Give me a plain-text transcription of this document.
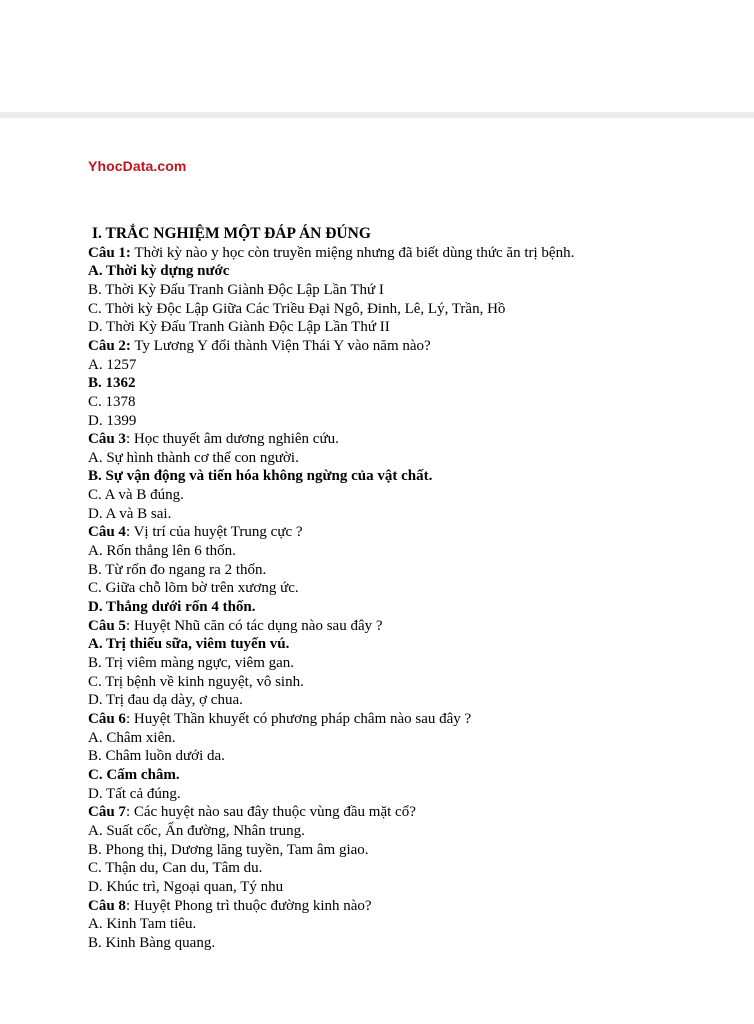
YhocData.com
I. TRẮC NGHIỆM MỘT ĐÁP ÁN ĐÚNG
Câu 1: Thời kỳ nào y học còn truyền miệng nhưng đã biết dùng thức ăn trị bệnh.
A. Thời kỳ dựng nước
B. Thời Kỳ Đấu Tranh Giành Độc Lập Lần Thứ I
C. Thời kỳ Độc Lập Giữa Các Triều Đại Ngô, Đinh, Lê, Lý, Trần, Hồ
D. Thời Kỳ Đấu Tranh Giành Độc Lập Lần Thứ II
Câu 2: Ty Lương Y đổi thành Viện Thái Y vào năm nào?
A. 1257
B. 1362
C. 1378
D. 1399
Câu 3: Học thuyết âm dương nghiên cứu.
A. Sự hình thành cơ thể con người.
B. Sự vận động và tiến hóa không ngừng của vật chất.
C. A và B đúng.
D. A và B sai.
Câu 4: Vị trí của huyệt Trung cực ?
A. Rốn thẳng lên 6 thốn.
B. Từ rốn đo ngang ra 2 thốn.
C. Giữa chỗ lõm bờ trên xương ức.
D. Thẳng dưới rốn 4 thốn.
Câu 5: Huyệt Nhũ căn có tác dụng nào sau đây ?
A. Trị thiếu sữa, viêm tuyến vú.
B. Trị viêm màng ngực, viêm gan.
C. Trị bệnh về kinh nguyệt, vô sinh.
D. Trị đau dạ dày, ợ chua.
Câu 6: Huyệt Thần khuyết có phương pháp châm nào sau đây ?
A. Châm xiên.
B. Châm luồn dưới da.
C. Cấm châm.
D. Tất cả đúng.
Câu 7: Các huyệt nào sau đây thuộc vùng đầu mặt cổ?
A. Suất cốc, Ấn đường, Nhân trung.
B. Phong thị, Dương lăng tuyền, Tam âm giao.
C. Thận du, Can du, Tâm du.
D. Khúc trì, Ngoại quan, Tý nhu
Câu 8: Huyệt Phong trì thuộc đường kinh nào?
A. Kinh Tam tiêu.
B. Kinh Bàng quang.
